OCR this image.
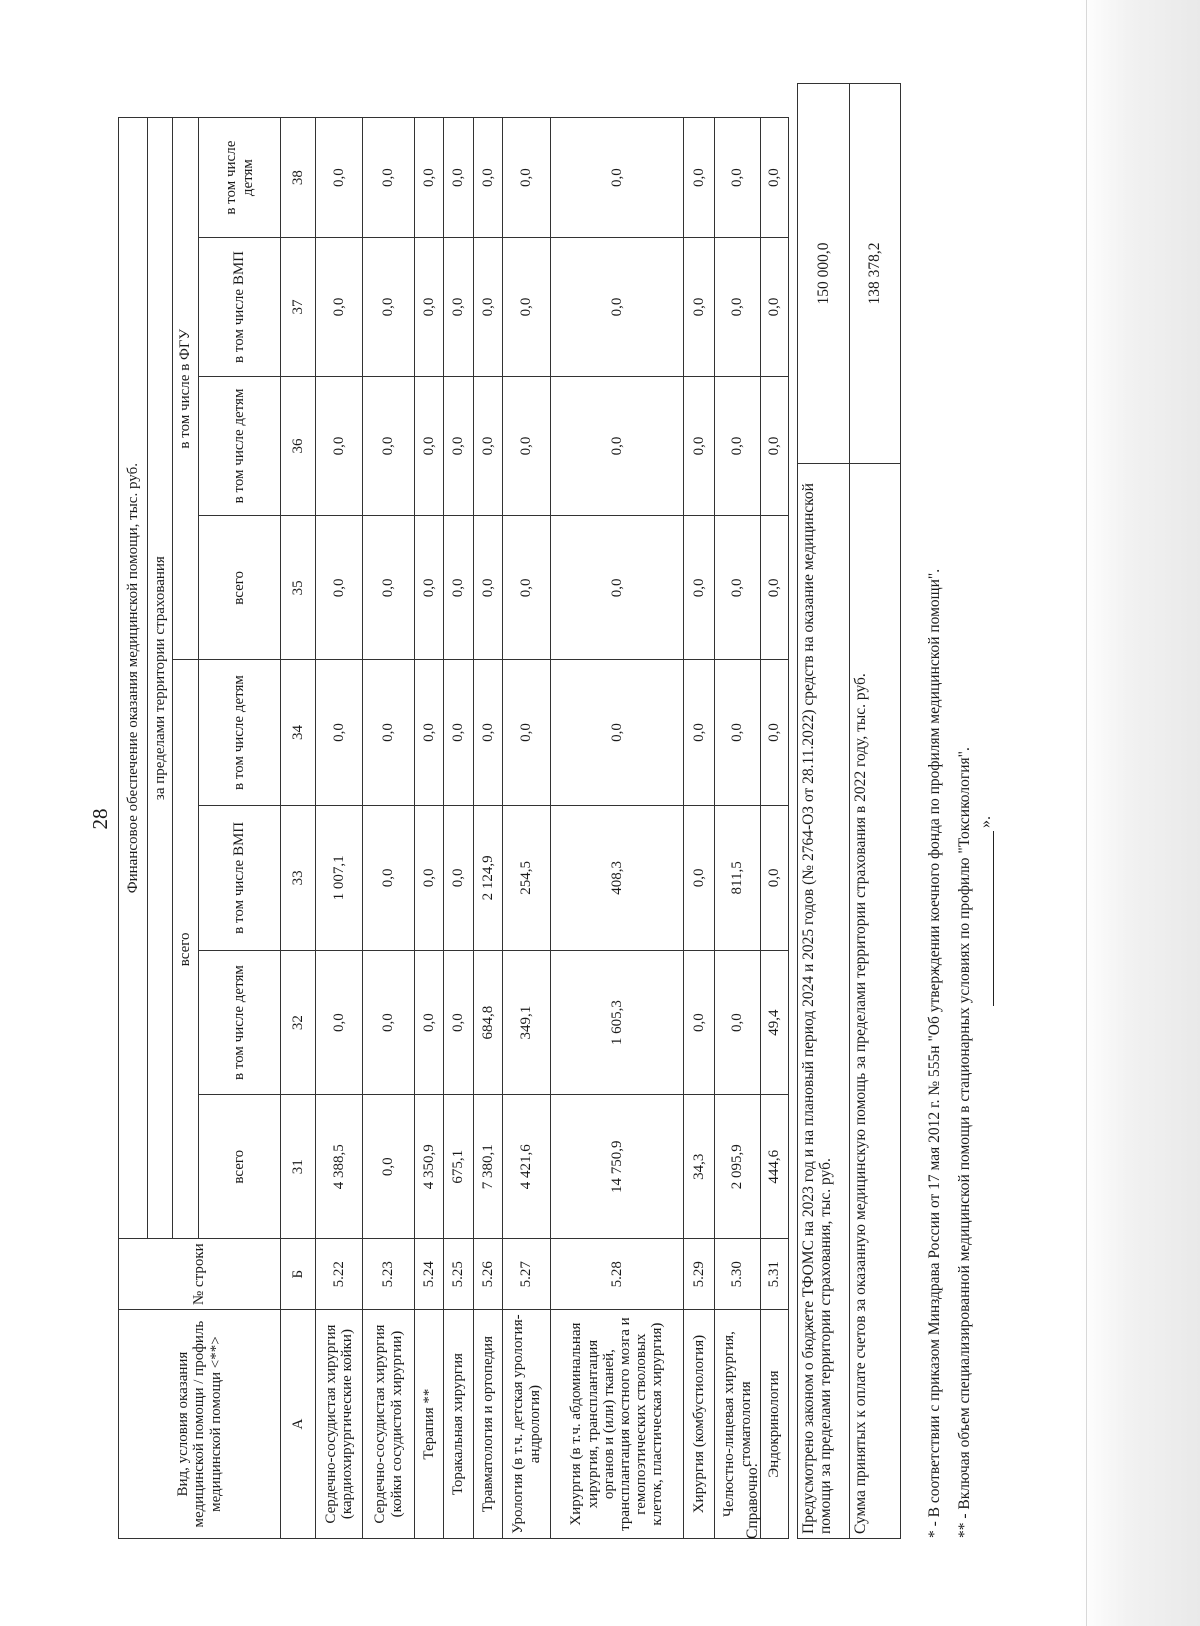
28
Вид, условия оказания медицинской помощи / профиль медицинской помощи <**>	№ строки	Финансовое обеспечение оказания медицинской помощи, тыс. руб.							
		за пределами территории страхования							
		всего				в том числе в ФГУ			
		всего	в том числе детям	в том числе ВМП	в том числе детям	всего	в том числе детям	в том числе ВМП	в том числе детям
А	Б	31	32	33	34	35	36	37	38
Сердечно-сосудистая хирургия (кардиохирургические койки)	5.22	4 388,5	0,0	1 007,1	0,0	0,0	0,0	0,0	0,0
Сердечно-сосудистая хирургия (койки сосудистой хирургии)	5.23	0,0	0,0	0,0	0,0	0,0	0,0	0,0	0,0
Терапия **	5.24	4 350,9	0,0	0,0	0,0	0,0	0,0	0,0	0,0
Торакальная хирургия	5.25	675,1	0,0	0,0	0,0	0,0	0,0	0,0	0,0
Травматология и ортопедия	5.26	7 380,1	684,8	2 124,9	0,0	0,0	0,0	0,0	0,0
Урология (в т.ч. детская урология-андрология)	5.27	4 421,6	349,1	254,5	0,0	0,0	0,0	0,0	0,0
Хирургия (в т.ч. абдоминальная хирургия, трансплантация органов и (или) тканей, трансплантация костного мозга и гемопоэтических стволовых клеток, пластическая хирургия)	5.28	14 750,9	1 605,3	408,3	0,0	0,0	0,0	0,0	0,0
Хирургия (комбустиология)	5.29	34,3	0,0	0,0	0,0	0,0	0,0	0,0	0,0
Челюстно-лицевая хирургия, стоматология	5.30	2 095,9	0,0	811,5	0,0	0,0	0,0	0,0	0,0
Эндокринология	5.31	444,6	49,4	0,0	0,0	0,0	0,0	0,0	0,0
Справочно:	Предусмотрено законом о бюджете ТФОМС на 2023 год и на плановый период 2024 и 2025 годов (№ 2764-ОЗ от 28.11.2022) средств на оказание медицинской помощи за пределами территории страхования, тыс. руб.	150 000,0
Сумма принятых к оплате счетов за оказанную медицинскую помощь за пределами территории страхования в 2022 году, тыс. руб.	138 378,2
* - В соответствии с приказом Минздрава России от 17 мая 2012 г. № 555н "Об утверждении коечного фонда по профилям медицинской помощи". ** - Включая объем специализированной медицинской помощи в стационарных условиях по профилю "Токсикология". ».
